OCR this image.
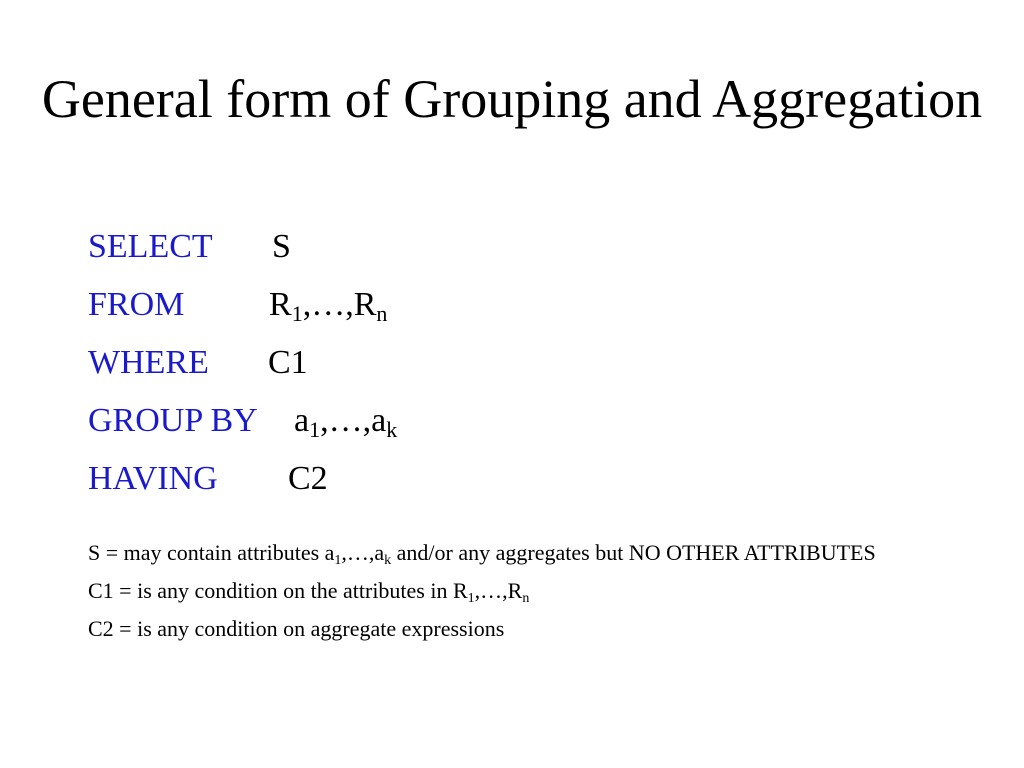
General form of Grouping and Aggregation
SELECT S
FROM $R_1,\dots,R_n$
WHERE C1
GROUP BY $a_1,\dots,a_k$
HAVING C2
S = may contain attributes $a_1,\dots,a_k$ and/or any aggregates but NO OTHER ATTRIBUTES
C1 = is any condition on the attributes in $R_1,\dots,R_n$
C2 = is any condition on aggregate expressions
